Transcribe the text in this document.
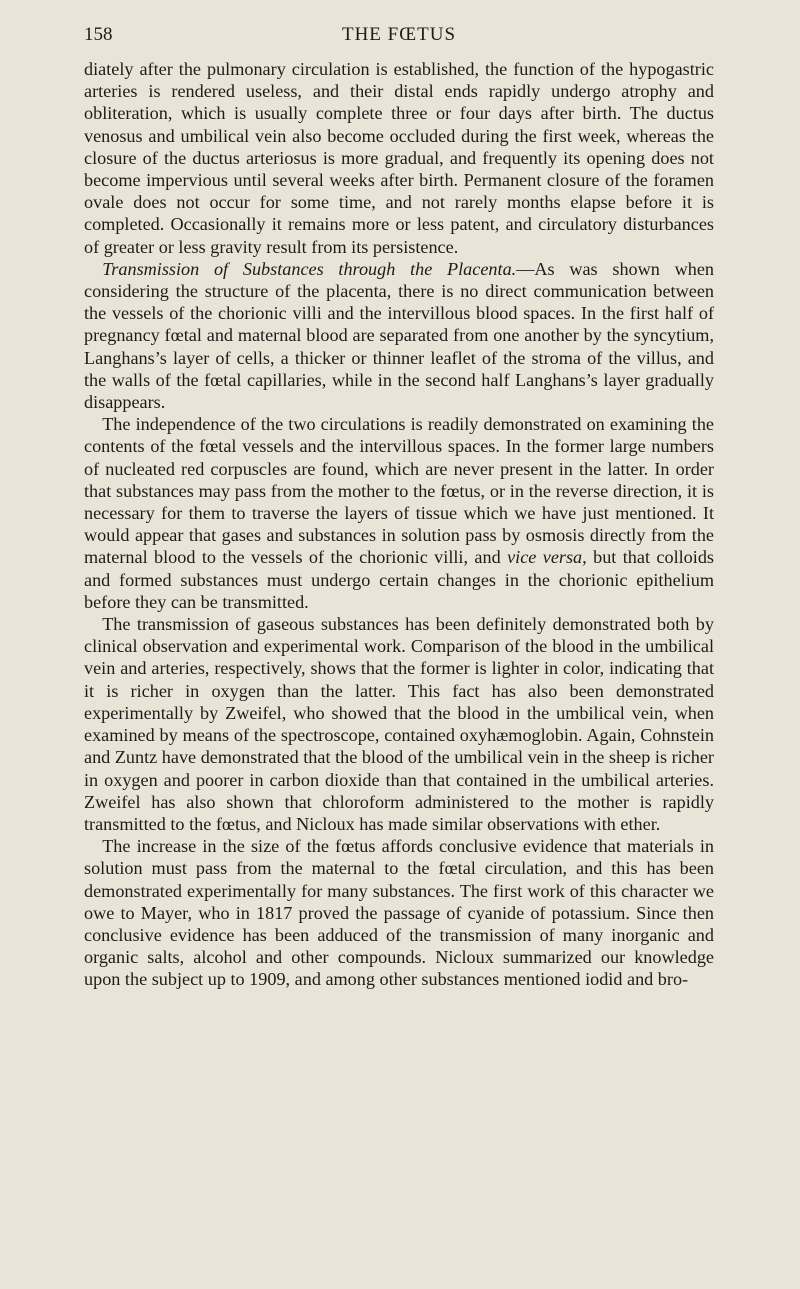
158	THE FŒTUS

diately after the pulmonary circulation is established, the function of the hypogastric arteries is rendered useless, and their distal ends rapidly undergo atrophy and obliteration, which is usually complete three or four days after birth. The ductus venosus and umbilical vein also become occluded during the first week, whereas the closure of the ductus arteriosus is more gradual, and frequently its opening does not become impervious until several weeks after birth. Permanent closure of the foramen ovale does not occur for some time, and not rarely months elapse before it is completed. Occasionally it remains more or less patent, and circulatory disturbances of greater or less gravity result from its persistence.

Transmission of Substances through the Placenta.—As was shown when considering the structure of the placenta, there is no direct communication between the vessels of the chorionic villi and the intervillous blood spaces. In the first half of pregnancy fœtal and maternal blood are separated from one another by the syncytium, Langhans’s layer of cells, a thicker or thinner leaflet of the stroma of the villus, and the walls of the fœtal capillaries, while in the second half Langhans’s layer gradually disappears.

The independence of the two circulations is readily demonstrated on examining the contents of the fœtal vessels and the intervillous spaces. In the former large numbers of nucleated red corpuscles are found, which are never present in the latter. In order that substances may pass from the mother to the fœtus, or in the reverse direction, it is necessary for them to traverse the layers of tissue which we have just mentioned. It would appear that gases and substances in solution pass by osmosis directly from the maternal blood to the vessels of the chorionic villi, and vice versa, but that colloids and formed substances must undergo certain changes in the chorionic epithelium before they can be transmitted.

The transmission of gaseous substances has been definitely demonstrated both by clinical observation and experimental work. Comparison of the blood in the umbilical vein and arteries, respectively, shows that the former is lighter in color, indicating that it is richer in oxygen than the latter. This fact has also been demonstrated experimentally by Zweifel, who showed that the blood in the umbilical vein, when examined by means of the spectroscope, contained oxyhæmoglobin. Again, Cohnstein and Zuntz have demonstrated that the blood of the umbilical vein in the sheep is richer in oxygen and poorer in carbon dioxide than that contained in the umbilical arteries. Zweifel has also shown that chloroform administered to the mother is rapidly transmitted to the fœtus, and Nicloux has made similar observations with ether.

The increase in the size of the fœtus affords conclusive evidence that materials in solution must pass from the maternal to the fœtal circulation, and this has been demonstrated experimentally for many substances. The first work of this character we owe to Mayer, who in 1817 proved the passage of cyanide of potassium. Since then conclusive evidence has been adduced of the transmission of many inorganic and organic salts, alcohol and other compounds. Nicloux summarized our knowledge upon the subject up to 1909, and among other substances mentioned iodid and bro-
